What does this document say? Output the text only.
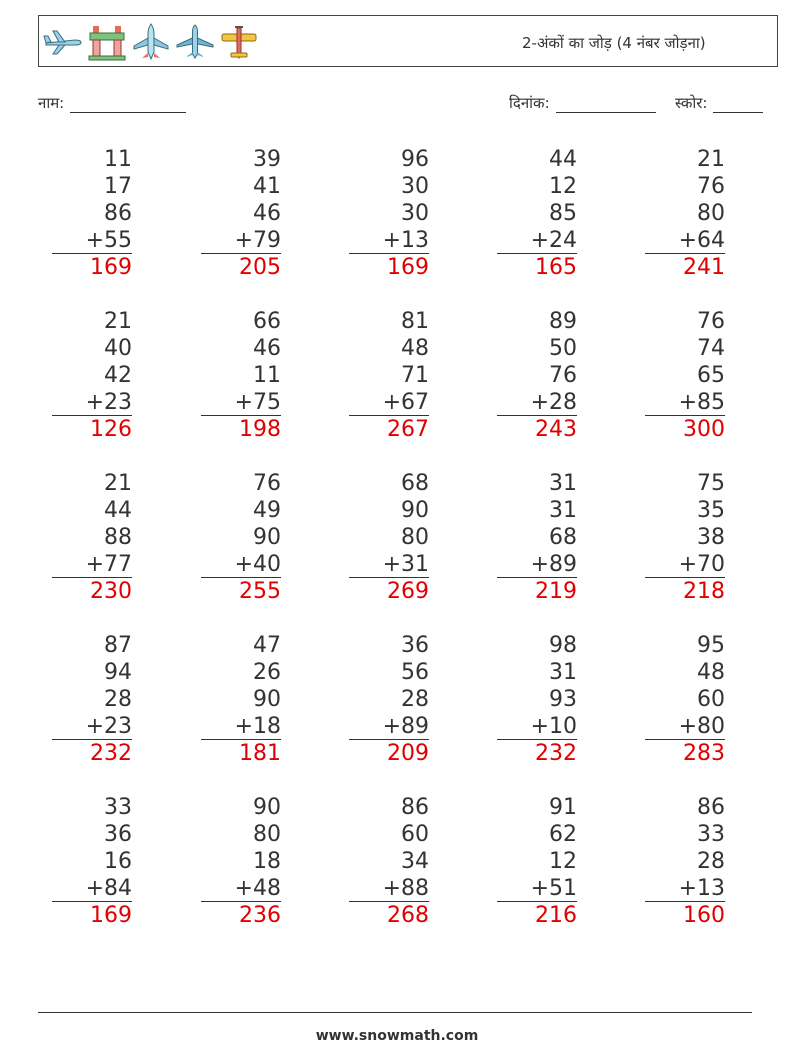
2-अंकों का जोड़ (4 नंबर जोड़ना)
नाम:	दिनांक:	स्कोर:
11
17
86
+55
169
39
41
46
+79
205
96
30
30
+13
169
44
12
85
+24
165
21
76
80
+64
241
21
40
42
+23
126
66
46
11
+75
198
81
48
71
+67
267
89
50
76
+28
243
76
74
65
+85
300
21
44
88
+77
230
76
49
90
+40
255
68
90
80
+31
269
31
31
68
+89
219
75
35
38
+70
218
87
94
28
+23
232
47
26
90
+18
181
36
56
28
+89
209
98
31
93
+10
232
95
48
60
+80
283
33
36
16
+84
169
90
80
18
+48
236
86
60
34
+88
268
91
62
12
+51
216
86
33
28
+13
160
www.snowmath.com
